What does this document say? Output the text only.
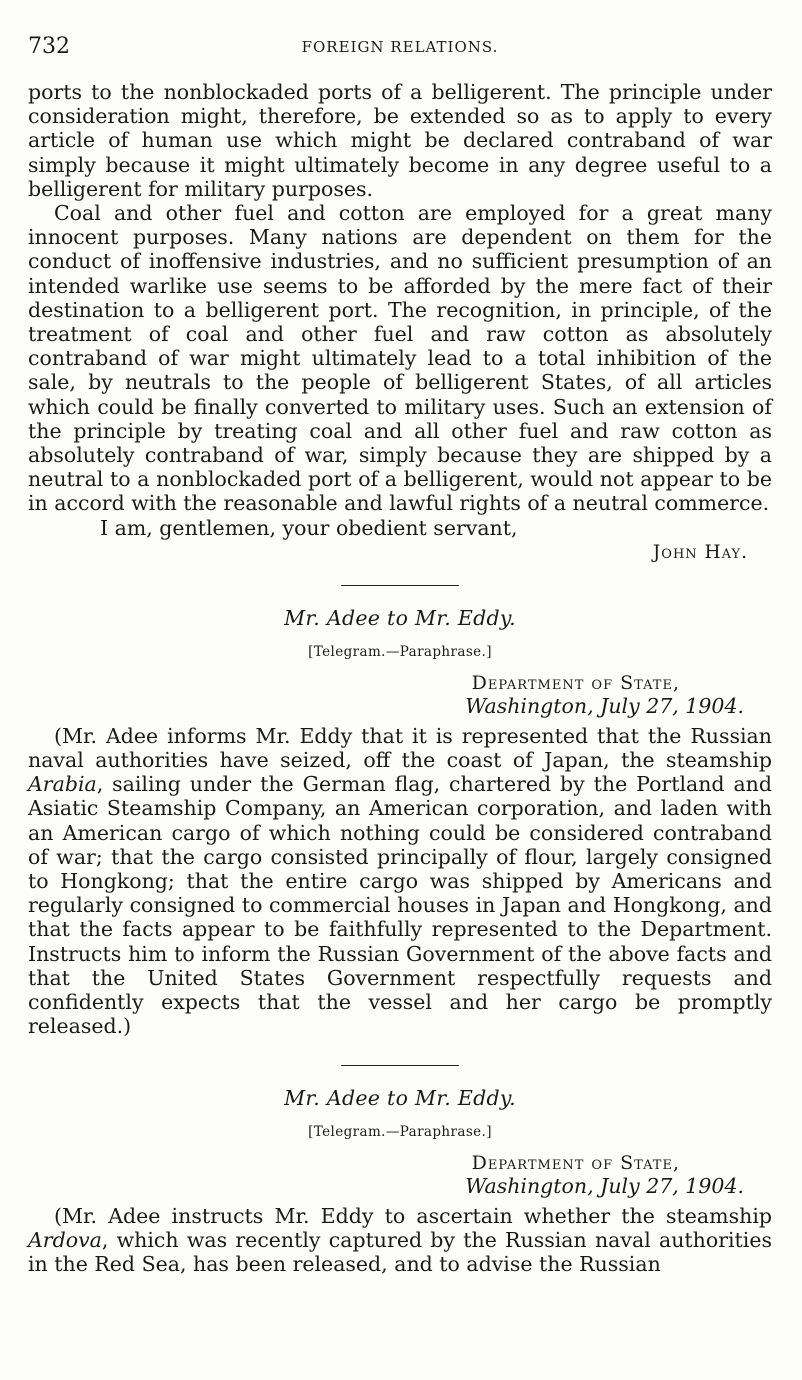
732	FOREIGN RELATIONS.

ports to the nonblockaded ports of a belligerent. The principle under consideration might, therefore, be extended so as to apply to every article of human use which might be declared contraband of war simply because it might ultimately become in any degree useful to a belligerent for military purposes.

Coal and other fuel and cotton are employed for a great many innocent purposes. Many nations are dependent on them for the conduct of inoffensive industries, and no sufficient presumption of an intended warlike use seems to be afforded by the mere fact of their destination to a belligerent port. The recognition, in principle, of the treatment of coal and other fuel and raw cotton as absolutely contraband of war might ultimately lead to a total inhibition of the sale, by neutrals to the people of belligerent States, of all articles which could be finally converted to military uses. Such an extension of the principle by treating coal and all other fuel and raw cotton as absolutely contraband of war, simply because they are shipped by a neutral to a nonblockaded port of a belligerent, would not appear to be in accord with the reasonable and lawful rights of a neutral commerce.

I am, gentlemen, your obedient servant,

John Hay.
Mr. Adee to Mr. Eddy.
[Telegram.—Paraphrase.]
Department of State,
Washington, July 27, 1904.

(Mr. Adee informs Mr. Eddy that it is represented that the Russian naval authorities have seized, off the coast of Japan, the steamship Arabia, sailing under the German flag, chartered by the Portland and Asiatic Steamship Company, an American corporation, and laden with an American cargo of which nothing could be considered contraband of war; that the cargo consisted principally of flour, largely consigned to Hongkong; that the entire cargo was shipped by Americans and regularly consigned to commercial houses in Japan and Hongkong, and that the facts appear to be faithfully represented to the Department. Instructs him to inform the Russian Government of the above facts and that the United States Government respectfully requests and confidently expects that the vessel and her cargo be promptly released.)

Mr. Adee to Mr. Eddy.
[Telegram.—Paraphrase.]
Department of State,
Washington, July 27, 1904.

(Mr. Adee instructs Mr. Eddy to ascertain whether the steamship Ardova, which was recently captured by the Russian naval authorities in the Red Sea, has been released, and to advise the Russian
